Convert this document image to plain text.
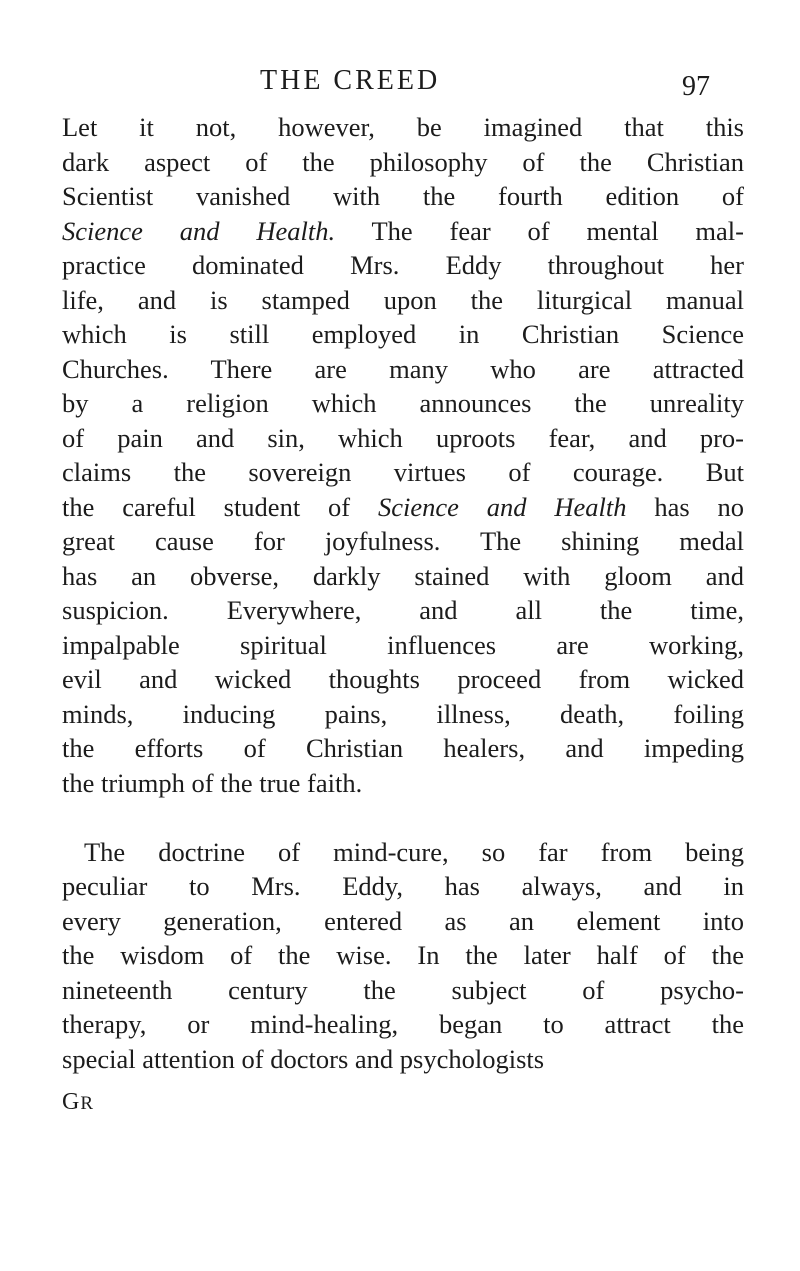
THE CREED	97
Let it not, however, be imagined that this
dark aspect of the philosophy of the Christian
Scientist vanished with the fourth edition of
Science and Health. The fear of mental mal-
practice dominated Mrs. Eddy throughout her
life, and is stamped upon the liturgical manual
which is still employed in Christian Science
Churches. There are many who are attracted
by a religion which announces the unreality
of pain and sin, which uproots fear, and pro-
claims the sovereign virtues of courage. But
the careful student of Science and Health has no
great cause for joyfulness. The shining medal
has an obverse, darkly stained with gloom and
suspicion. Everywhere, and all the time,
impalpable spiritual influences are working,
evil and wicked thoughts proceed from wicked
minds, inducing pains, illness, death, foiling
the efforts of Christian healers, and impeding
the triumph of the true faith.
The doctrine of mind-cure, so far from being
peculiar to Mrs. Eddy, has always, and in
every generation, entered as an element into
the wisdom of the wise. In the later half of the
nineteenth century the subject of psycho-
therapy, or mind-healing, began to attract the
special attention of doctors and psychologists
GR
